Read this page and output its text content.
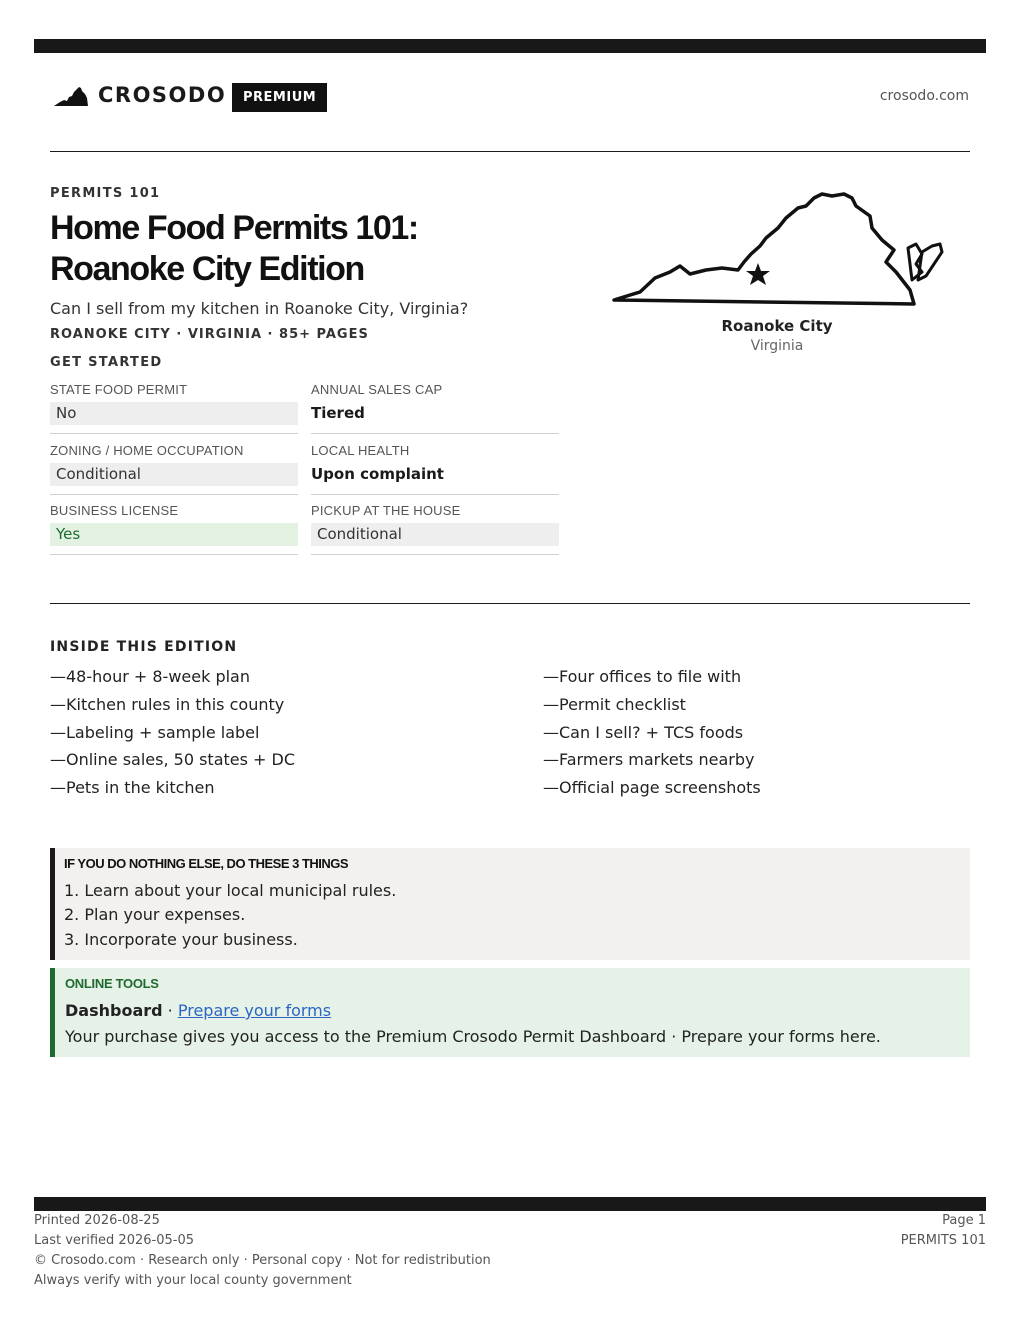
CROSODO	PREMIUM	crosodo.com
PERMITS 101
Home Food Permits 101:
Roanoke City Edition
Can I sell from my kitchen in Roanoke City, Virginia?
ROANOKE CITY · VIRGINIA · 85+ PAGES	Roanoke City
Virginia
GET STARTED
STATE FOOD PERMIT
No
ANNUAL SALES CAP
Tiered
ZONING / HOME OCCUPATION
Conditional
LOCAL HEALTH
Upon complaint
BUSINESS LICENSE
Yes
PICKUP AT THE HOUSE
Conditional
INSIDE THIS EDITION
—48-hour + 8-week plan
—Kitchen rules in this county
—Labeling + sample label
—Online sales, 50 states + DC
—Pets in the kitchen
—Four offices to file with
—Permit checklist
—Can I sell? + TCS foods
—Farmers markets nearby
—Official page screenshots
IF YOU DO NOTHING ELSE, DO THESE 3 THINGS
1. Learn about your local municipal rules.
2. Plan your expenses.
3. Incorporate your business.
ONLINE TOOLS
Dashboard · Prepare your forms
Your purchase gives you access to the Premium Crosodo Permit Dashboard · Prepare your forms here.
Printed 2026-08-25
Last verified 2026-05-05
© Crosodo.com · Research only · Personal copy · Not for redistribution
Always verify with your local county government
Page 1
PERMITS 101
